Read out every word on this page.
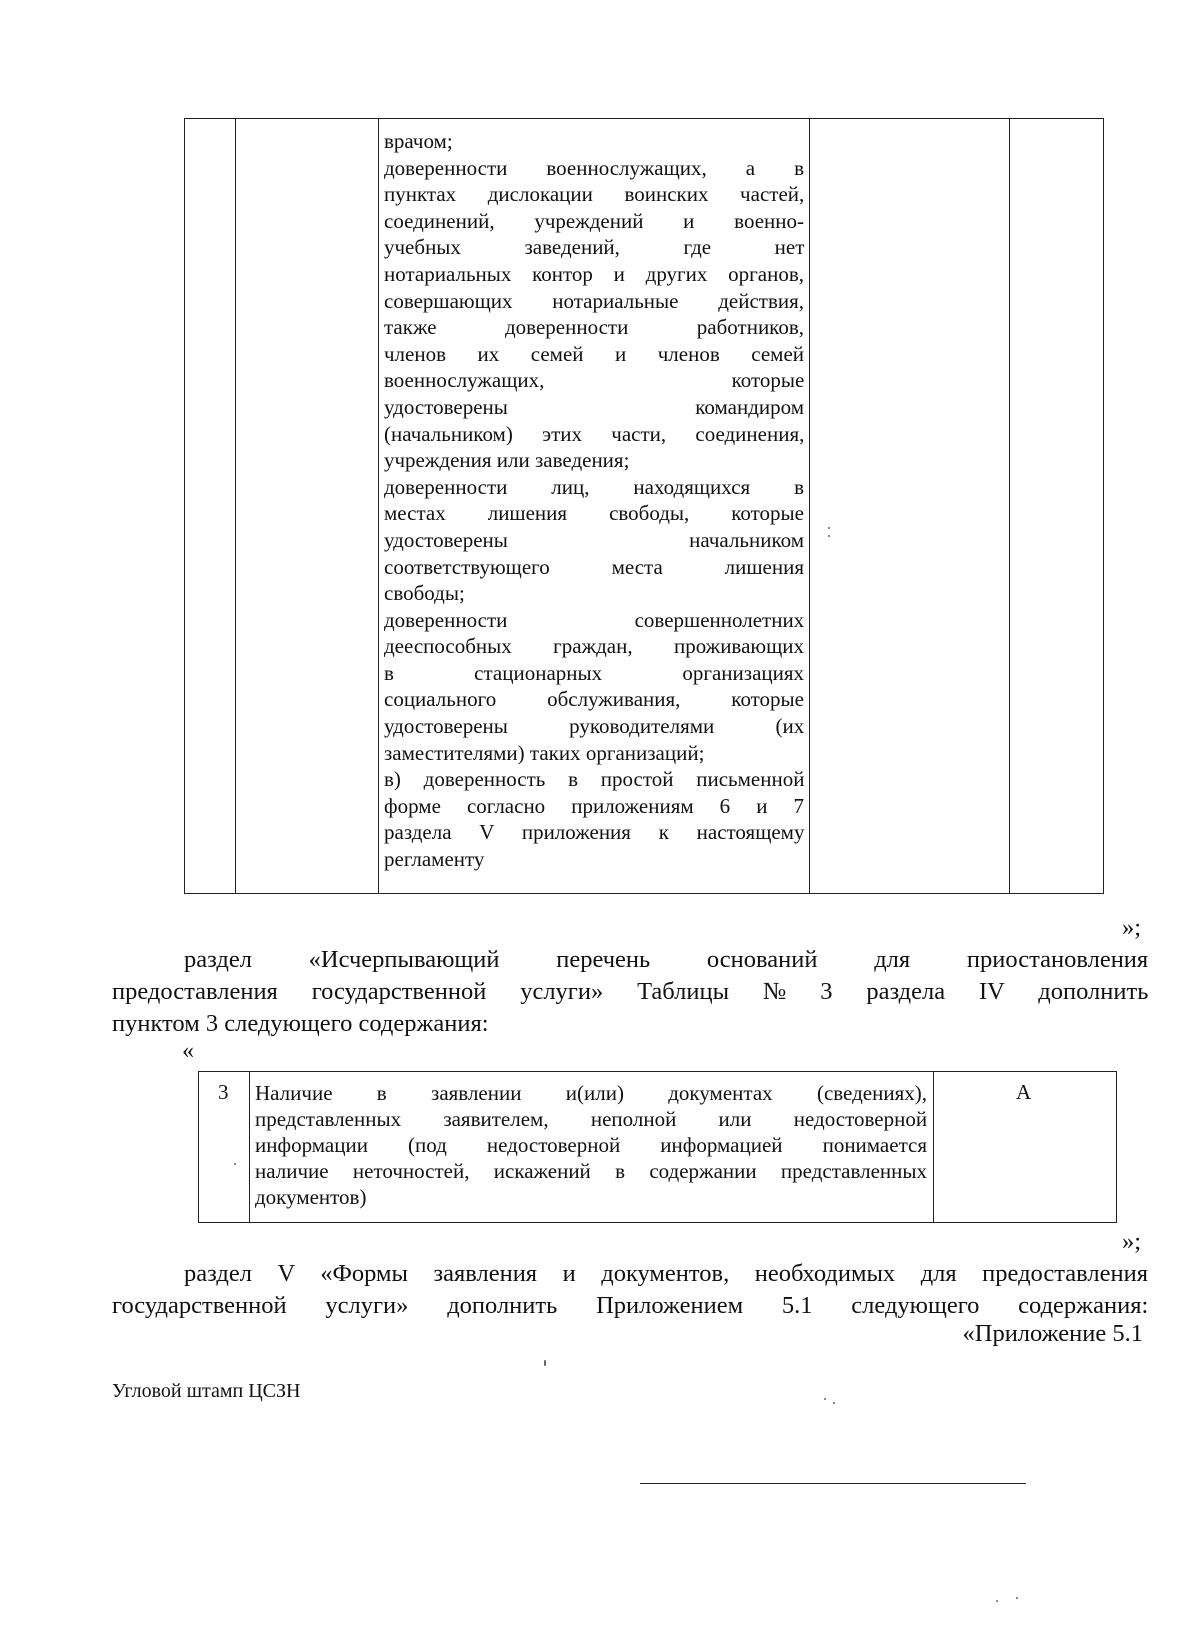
врачом;
доверенности военнослужащих, а в
пунктах дислокации воинских частей,
соединений, учреждений и военно-
учебных заведений, где нет
нотариальных контор и других органов,
совершающих нотариальные действия,
также доверенности работников,
членов их семей и членов семей
военнослужащих, которые
удостоверены командиром
(начальником) этих части, соединения,
учреждения или заведения;
доверенности лиц, находящихся в
местах лишения свободы, которые
удостоверены начальником
соответствующего места лишения
свободы;
доверенности совершеннолетних
дееспособных граждан, проживающих
в стационарных организациях
социального обслуживания, которые
удостоверены руководителями (их
заместителями) таких организаций;
в) доверенность в простой письменной
форме согласно приложениям 6 и 7
раздела V приложения к настоящему
регламенту
»;
раздел «Исчерпывающий перечень оснований для приостановления
предоставления государственной услуги» Таблицы № 3 раздела IV дополнить
пунктом 3 следующего содержания:
«
3 Наличие в заявлении и(или) документах (сведениях),
представленных заявителем, неполной или недостоверной
информации (под недостоверной информацией понимается
наличие неточностей, искажений в содержании представленных
документов)
А
»;
раздел V «Формы заявления и документов, необходимых для предоставления
государственной услуги» дополнить Приложением 5.1 следующего содержания:
«Приложение 5.1
Угловой штамп ЦСЗН
